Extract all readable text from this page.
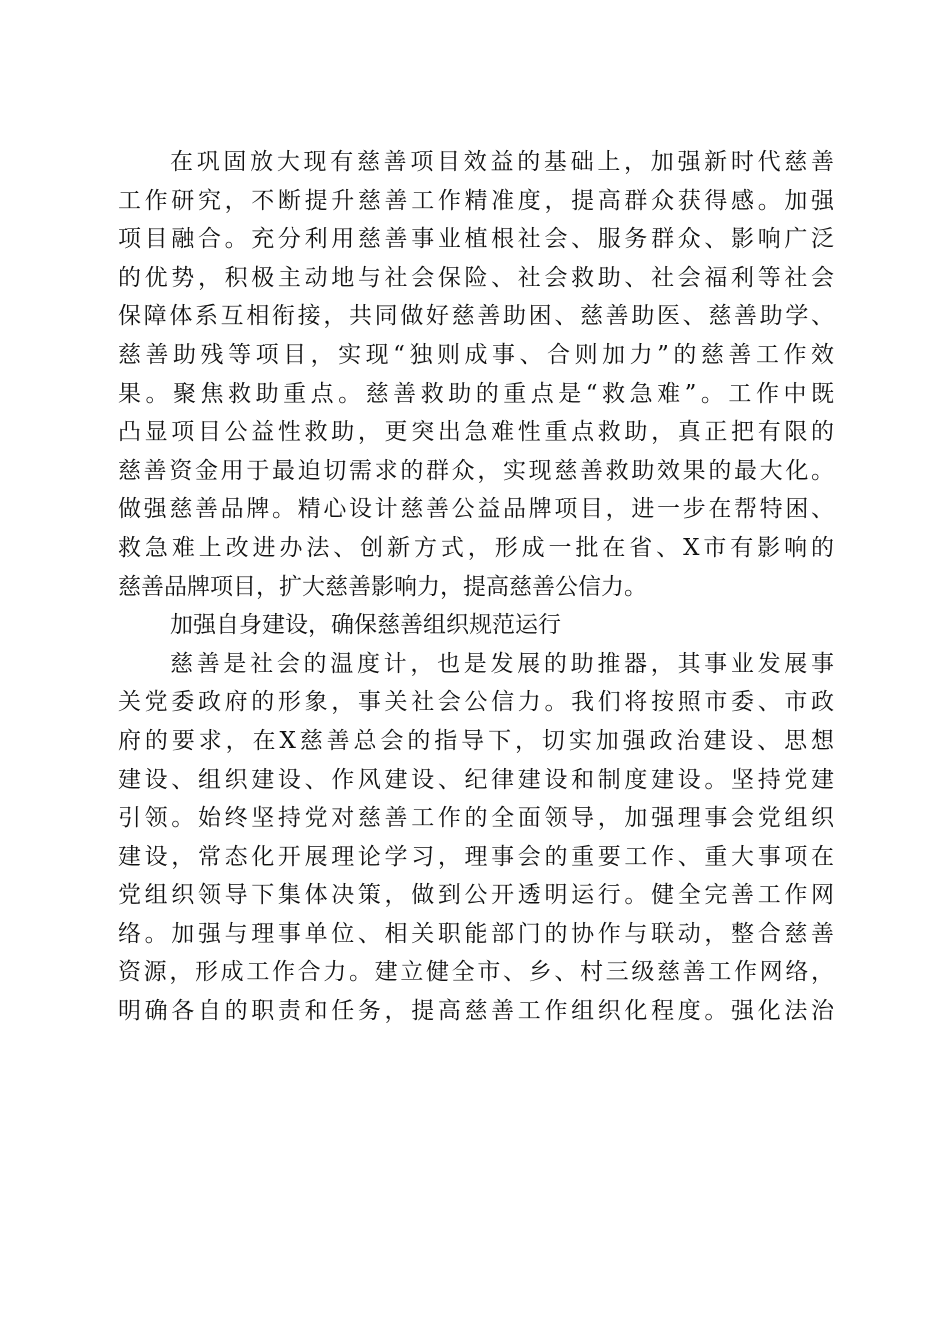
在巩固放大现有慈善项目效益的基础上，加强新时代慈善
工作研究，不断提升慈善工作精准度，提高群众获得感。加强
项目融合。充分利用慈善事业植根社会、服务群众、影响广泛
的优势，积极主动地与社会保险、社会救助、社会福利等社会
保障体系互相衔接，共同做好慈善助困、慈善助医、慈善助学、
慈善助残等项目，实现“独则成事、合则加力”的慈善工作效
果。聚焦救助重点。慈善救助的重点是“救急难”。工作中既
凸显项目公益性救助，更突出急难性重点救助，真正把有限的
慈善资金用于最迫切需求的群众，实现慈善救助效果的最大化。
做强慈善品牌。精心设计慈善公益品牌项目，进一步在帮特困、
救急难上改进办法、创新方式，形成一批在省、X市有影响的
慈善品牌项目，扩大慈善影响力，提高慈善公信力。
加强自身建设，确保慈善组织规范运行
慈善是社会的温度计，也是发展的助推器，其事业发展事
关党委政府的形象，事关社会公信力。我们将按照市委、市政
府的要求，在X慈善总会的指导下，切实加强政治建设、思想
建设、组织建设、作风建设、纪律建设和制度建设。坚持党建
引领。始终坚持党对慈善工作的全面领导，加强理事会党组织
建设，常态化开展理论学习，理事会的重要工作、重大事项在
党组织领导下集体决策，做到公开透明运行。健全完善工作网
络。加强与理事单位、相关职能部门的协作与联动，整合慈善
资源，形成工作合力。建立健全市、乡、村三级慈善工作网络，
明确各自的职责和任务，提高慈善工作组织化程度。强化法治
